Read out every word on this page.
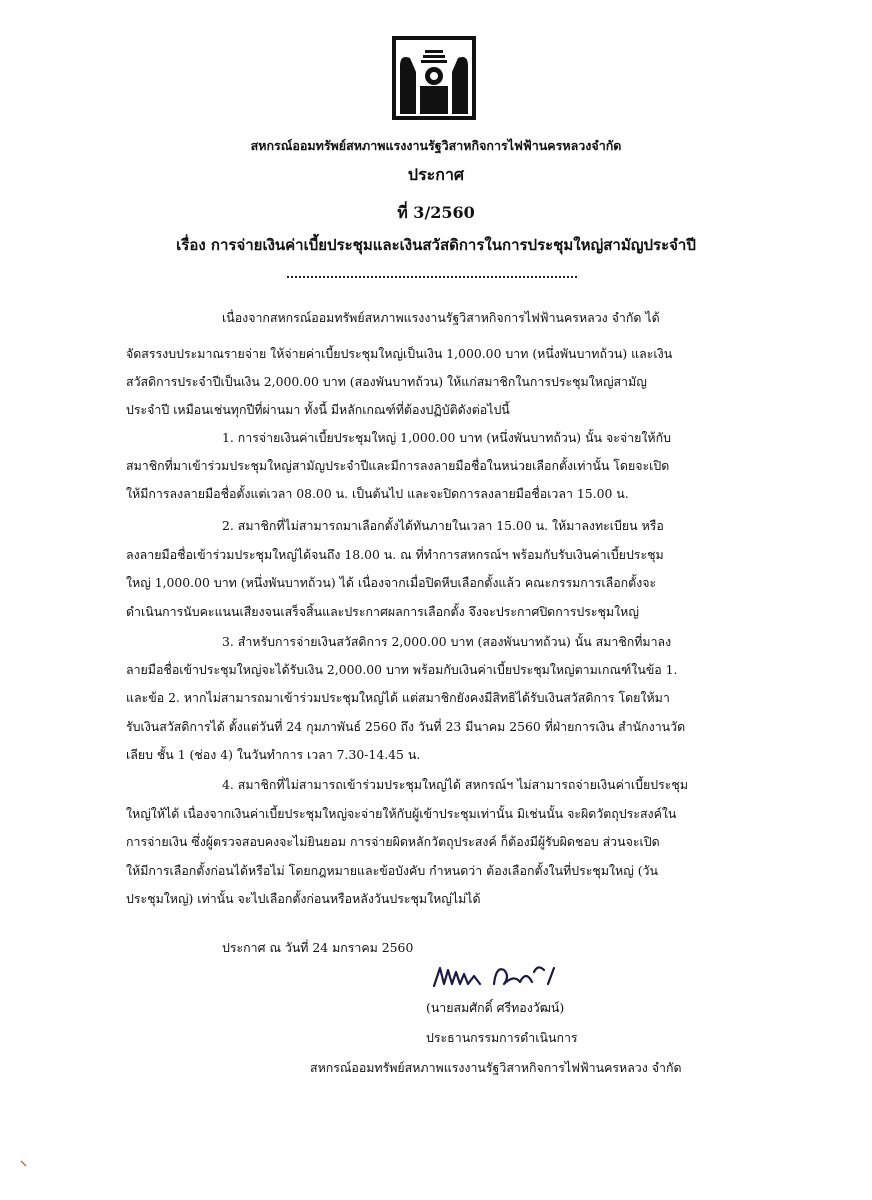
สหกรณ์ออมทรัพย์สหภาพแรงงานรัฐวิสาหกิจการไฟฟ้านครหลวงจำกัด
ประกาศ
ที่ 3/2560
เรื่อง การจ่ายเงินค่าเบี้ยประชุมและเงินสวัสดิการในการประชุมใหญ่สามัญประจำปี
เนื่องจากสหกรณ์ออมทรัพย์สหภาพแรงงานรัฐวิสาหกิจการไฟฟ้านครหลวง จำกัด ได้
จัดสรรงบประมาณรายจ่าย ให้จ่ายค่าเบี้ยประชุมใหญ่เป็นเงิน 1,000.00 บาท (หนึ่งพันบาทถ้วน) และเงิน
สวัสดิการประจำปีเป็นเงิน 2,000.00 บาท (สองพันบาทถ้วน) ให้แก่สมาชิกในการประชุมใหญ่สามัญ
ประจำปี เหมือนเช่นทุกปีที่ผ่านมา ทั้งนี้ มีหลักเกณฑ์ที่ต้องปฏิบัติดังต่อไปนี้
1. การจ่ายเงินค่าเบี้ยประชุมใหญ่ 1,000.00 บาท (หนึ่งพันบาทถ้วน) นั้น จะจ่ายให้กับ
สมาชิกที่มาเข้าร่วมประชุมใหญ่สามัญประจำปีและมีการลงลายมือชื่อในหน่วยเลือกตั้งเท่านั้น โดยจะเปิด
ให้มีการลงลายมือชื่อตั้งแต่เวลา 08.00 น. เป็นต้นไป และจะปิดการลงลายมือชื่อเวลา 15.00 น.
2. สมาชิกที่ไม่สามารถมาเลือกตั้งได้ทันภายในเวลา 15.00 น. ให้มาลงทะเบียน หรือ
ลงลายมือชื่อเข้าร่วมประชุมใหญ่ได้จนถึง 18.00 น. ณ ที่ทำการสหกรณ์ฯ พร้อมกับรับเงินค่าเบี้ยประชุม
ใหญ่ 1,000.00 บาท (หนึ่งพันบาทถ้วน) ได้ เนื่องจากเมื่อปิดหีบเลือกตั้งแล้ว คณะกรรมการเลือกตั้งจะ
ดำเนินการนับคะแนนเสียงจนเสร็จสิ้นและประกาศผลการเลือกตั้ง จึงจะประกาศปิดการประชุมใหญ่
3. สำหรับการจ่ายเงินสวัสดิการ 2,000.00 บาท (สองพันบาทถ้วน) นั้น สมาชิกที่มาลง
ลายมือชื่อเข้าประชุมใหญ่จะได้รับเงิน 2,000.00 บาท พร้อมกับเงินค่าเบี้ยประชุมใหญ่ตามเกณฑ์ในข้อ 1.
และข้อ 2. หากไม่สามารถมาเข้าร่วมประชุมใหญ่ได้ แต่สมาชิกยังคงมีสิทธิได้รับเงินสวัสดิการ โดยให้มา
รับเงินสวัสดิการได้ ตั้งแต่วันที่ 24 กุมภาพันธ์ 2560 ถึง วันที่ 23 มีนาคม 2560 ที่ฝ่ายการเงิน สำนักงานวัด
เลียบ ชั้น 1 (ช่อง 4) ในวันทำการ เวลา 7.30-14.45 น.
4. สมาชิกที่ไม่สามารถเข้าร่วมประชุมใหญ่ได้ สหกรณ์ฯ ไม่สามารถจ่ายเงินค่าเบี้ยประชุม
ใหญ่ให้ได้ เนื่องจากเงินค่าเบี้ยประชุมใหญ่จะจ่ายให้กับผู้เข้าประชุมเท่านั้น มิเช่นนั้น จะผิดวัตถุประสงค์ใน
การจ่ายเงิน ซึ่งผู้ตรวจสอบคงจะไม่ยินยอม การจ่ายผิดหลักวัตถุประสงค์ ก็ต้องมีผู้รับผิดชอบ ส่วนจะเปิด
ให้มีการเลือกตั้งก่อนได้หรือไม่ โดยกฎหมายและข้อบังคับ กำหนดว่า ต้องเลือกตั้งในที่ประชุมใหญ่ (วัน
ประชุมใหญ่) เท่านั้น จะไปเลือกตั้งก่อนหรือหลังวันประชุมใหญ่ไม่ได้
ประกาศ ณ วันที่ 24 มกราคม 2560
(นายสมศักดิ์ ศรีทองวัฒน์)
ประธานกรรมการดำเนินการ
สหกรณ์ออมทรัพย์สหภาพแรงงานรัฐวิสาหกิจการไฟฟ้านครหลวง จำกัด
